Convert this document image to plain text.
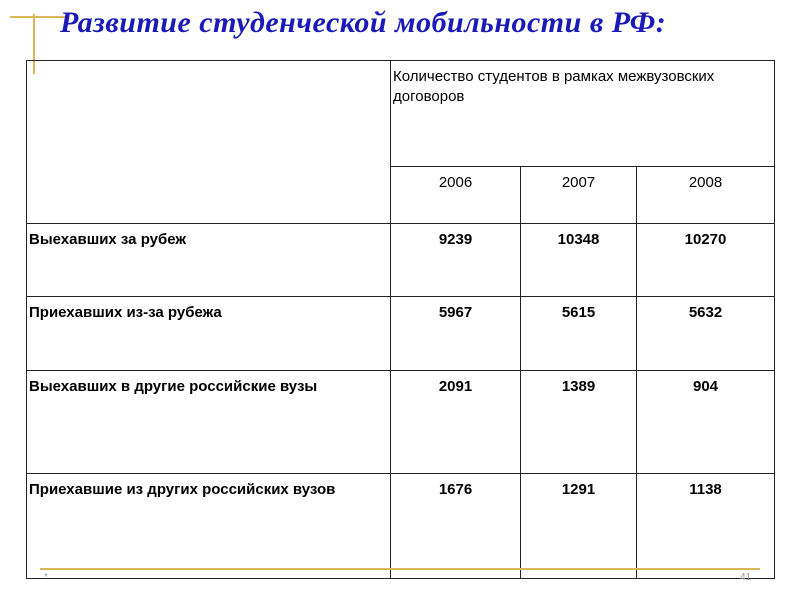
Развитие студенческой мобильности в РФ:
	Количество студентов в рамках межвузовских договоров		
	2006	2007	2008
Выехавших за рубеж	9239	10348	10270
Приехавших из-за рубежа	5967	5615	5632
Выехавших в другие российские вузы	2091	1389	904
Приехавшие из других российских вузов	1676	1291	1138
*	41
